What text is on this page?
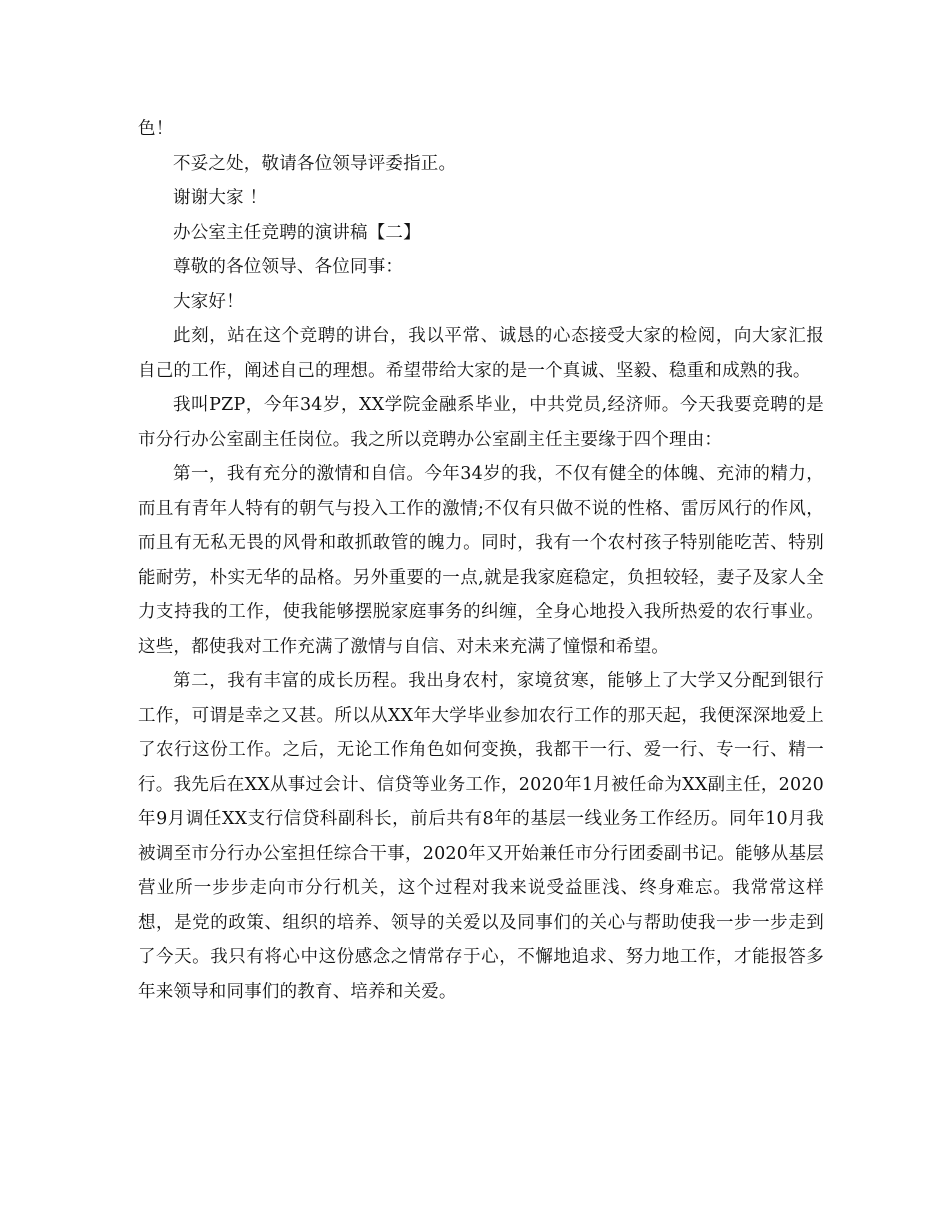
色！

不妥之处，敬请各位领导评委指正。

谢谢大家 ！

办公室主任竞聘的演讲稿【二】

尊敬的各位领导、各位同事：

大家好！

此刻，站在这个竞聘的讲台，我以平常、诚恳的心态接受大家的检阅，向大家汇报自己的工作，阐述自己的理想。希望带给大家的是一个真诚、坚毅、稳重和成熟的我。

我叫PZP，今年34岁，XX学院金融系毕业，中共党员,经济师。今天我要竞聘的是市分行办公室副主任岗位。我之所以竞聘办公室副主任主要缘于四个理由：

第一，我有充分的激情和自信。今年34岁的我，不仅有健全的体魄、充沛的精力，而且有青年人特有的朝气与投入工作的激情;不仅有只做不说的性格、雷厉风行的作风，而且有无私无畏的风骨和敢抓敢管的魄力。同时，我有一个农村孩子特别能吃苦、特别能耐劳，朴实无华的品格。另外重要的一点,就是我家庭稳定，负担较轻，妻子及家人全力支持我的工作，使我能够摆脱家庭事务的纠缠，全身心地投入我所热爱的农行事业。这些，都使我对工作充满了激情与自信、对未来充满了憧憬和希望。

第二，我有丰富的成长历程。我出身农村，家境贫寒，能够上了大学又分配到银行工作，可谓是幸之又甚。所以从XX年大学毕业参加农行工作的那天起，我便深深地爱上了农行这份工作。之后，无论工作角色如何变换，我都干一行、爱一行、专一行、精一行。我先后在XX从事过会计、信贷等业务工作，2020年1月被任命为XX副主任，2020年9月调任XX支行信贷科副科长，前后共有8年的基层一线业务工作经历。同年10月我被调至市分行办公室担任综合干事，2020年又开始兼任市分行团委副书记。能够从基层营业所一步步走向市分行机关，这个过程对我来说受益匪浅、终身难忘。我常常这样想，是党的政策、组织的培养、领导的关爱以及同事们的关心与帮助使我一步一步走到了今天。我只有将心中这份感念之情常存于心，不懈地追求、努力地工作，才能报答多年来领导和同事们的教育、培养和关爱。
